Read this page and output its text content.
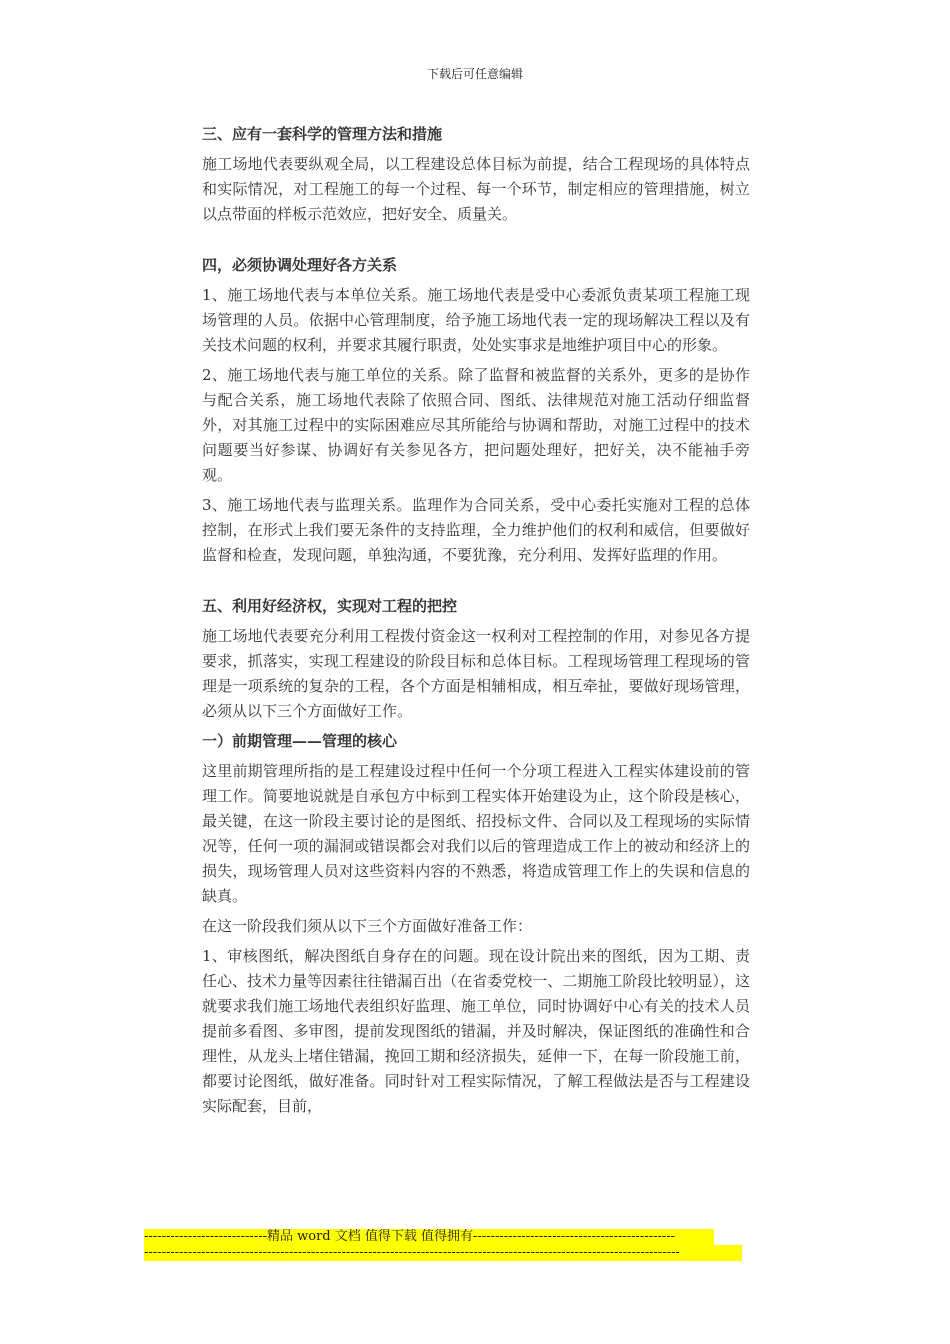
下载后可任意编辑

三、应有一套科学的管理方法和措施

施工场地代表要纵观全局，以工程建设总体目标为前提，结合工程现场的具体特点和实际情况，对工程施工的每一个过程、每一个环节，制定相应的管理措施，树立以点带面的样板示范效应，把好安全、质量关。

四，必须协调处理好各方关系

1、施工场地代表与本单位关系。施工场地代表是受中心委派负责某项工程施工现场管理的人员。依据中心管理制度，给予施工场地代表一定的现场解决工程以及有关技术问题的权利，并要求其履行职责，处处实事求是地维护项目中心的形象。

2、施工场地代表与施工单位的关系。除了监督和被监督的关系外，更多的是协作与配合关系，施工场地代表除了依照合同、图纸、法律规范对施工活动仔细监督外，对其施工过程中的实际困难应尽其所能给与协调和帮助，对施工过程中的技术问题要当好参谋、协调好有关参见各方，把问题处理好，把好关，决不能袖手旁观。

3、施工场地代表与监理关系。监理作为合同关系，受中心委托实施对工程的总体控制，在形式上我们要无条件的支持监理，全力维护他们的权利和威信，但要做好监督和检查，发现问题，单独沟通，不要犹豫，充分利用、发挥好监理的作用。

五、利用好经济权，实现对工程的把控

施工场地代表要充分利用工程拨付资金这一权利对工程控制的作用，对参见各方提要求，抓落实，实现工程建设的阶段目标和总体目标。工程现场管理工程现场的管理是一项系统的复杂的工程，各个方面是相辅相成，相互牵扯，要做好现场管理，必须从以下三个方面做好工作。

一）前期管理——管理的核心

这里前期管理所指的是工程建设过程中任何一个分项工程进入工程实体建设前的管理工作。简要地说就是自承包方中标到工程实体开始建设为止，这个阶段是核心，最关键，在这一阶段主要讨论的是图纸、招投标文件、合同以及工程现场的实际情况等，任何一项的漏洞或错误都会对我们以后的管理造成工作上的被动和经济上的损失，现场管理人员对这些资料内容的不熟悉，将造成管理工作上的失误和信息的缺真。

在这一阶段我们须从以下三个方面做好准备工作：

1、审核图纸，解决图纸自身存在的问题。现在设计院出来的图纸，因为工期、责任心、技术力量等因素往往错漏百出（在省委党校一、二期施工阶段比较明显），这就要求我们施工场地代表组织好监理、施工单位，同时协调好中心有关的技术人员提前多看图、多审图，提前发现图纸的错漏，并及时解决，保证图纸的准确性和合理性，从龙头上堵住错漏，挽回工期和经济损失，延伸一下，在每一阶段施工前，都要讨论图纸，做好准备。同时针对工程实际情况，了解工程做法是否与工程建设实际配套，目前，

----------------------------精品 word 文档 值得下载 值得拥有----------------------------------------------
--------------------------------------------------------------------------------------------------------------------------
